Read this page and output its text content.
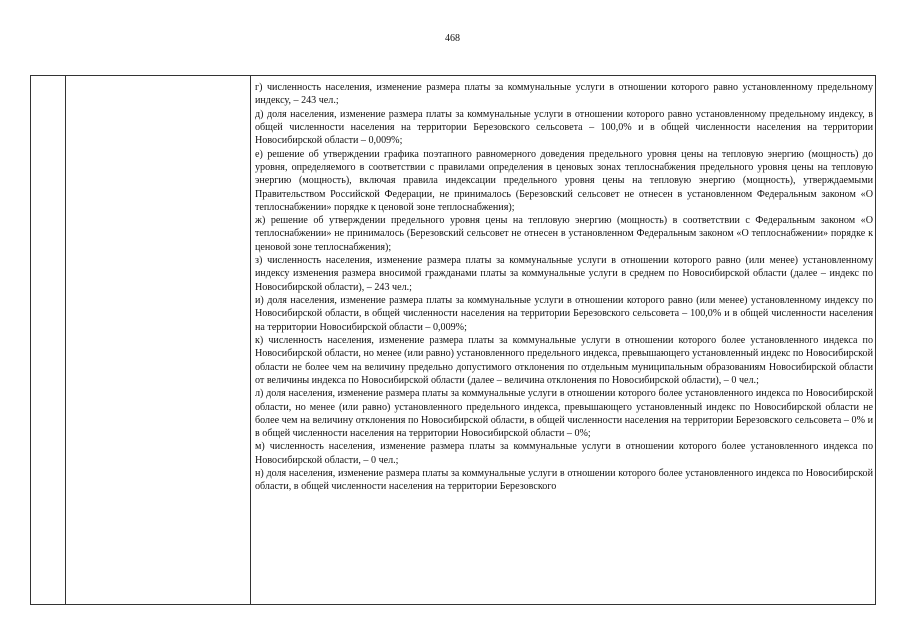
468

г) численность населения, изменение размера платы за коммунальные услуги в отношении которого равно установленному предельному индексу, – 243 чел.;

д) доля населения, изменение размера платы за коммунальные услуги в отношении которого равно установленному предельному индексу, в общей численности населения на территории Березовского сельсовета – 100,0% и в общей численности населения на территории Новосибирской области – 0,009%;

е) решение об утверждении графика поэтапного равномерного доведения предельного уровня цены на тепловую энергию (мощность) до уровня, определяемого в соответствии с правилами определения в ценовых зонах теплоснабжения предельного уровня цены на тепловую энергию (мощность), включая правила индексации предельного уровня цены на тепловую энергию (мощность), утверждаемыми Правительством Российской Федерации, не принималось (Березовский сельсовет не отнесен в установленном Федеральным законом «О теплоснабжении» порядке к ценовой зоне теплоснабжения);

ж) решение об утверждении предельного уровня цены на тепловую энергию (мощность) в соответствии с Федеральным законом «О теплоснабжении» не принималось (Березовский сельсовет не отнесен в установленном Федеральным законом «О теплоснабжении» порядке к ценовой зоне теплоснабжения);

з) численность населения, изменение размера платы за коммунальные услуги в отношении которого равно (или менее) установленному индексу изменения размера вносимой гражданами платы за коммунальные услуги в среднем по Новосибирской области (далее – индекс по Новосибирской области), – 243 чел.;

и) доля населения, изменение размера платы за коммунальные услуги в отношении которого равно (или менее) установленному индексу по Новосибирской области, в общей численности населения на территории Березовского сельсовета – 100,0% и в общей численности населения на территории Новосибирской области – 0,009%;

к) численность населения, изменение размера платы за коммунальные услуги в отношении которого более установленного индекса по Новосибирской области, но менее (или равно) установленного предельного индекса, превышающего установленный индекс по Новосибирской области не более чем на величину предельно допустимого отклонения по отдельным муниципальным образованиям Новосибирской области от величины индекса по Новосибирской области (далее – величина отклонения по Новосибирской области), – 0 чел.;

л) доля населения, изменение размера платы за коммунальные услуги в отношении которого более установленного индекса по Новосибирской области, но менее (или равно) установленного предельного индекса, превышающего установленный индекс по Новосибирской области не более чем на величину отклонения по Новосибирской области, в общей численности населения на территории Березовского сельсовета – 0% и в общей численности населения на территории Новосибирской области – 0%;

м) численность населения, изменение размера платы за коммунальные услуги в отношении которого более установленного индекса по Новосибирской области, – 0 чел.;

н) доля населения, изменение размера платы за коммунальные услуги в отношении которого более установленного индекса по Новосибирской области, в общей численности населения на территории Березовского
